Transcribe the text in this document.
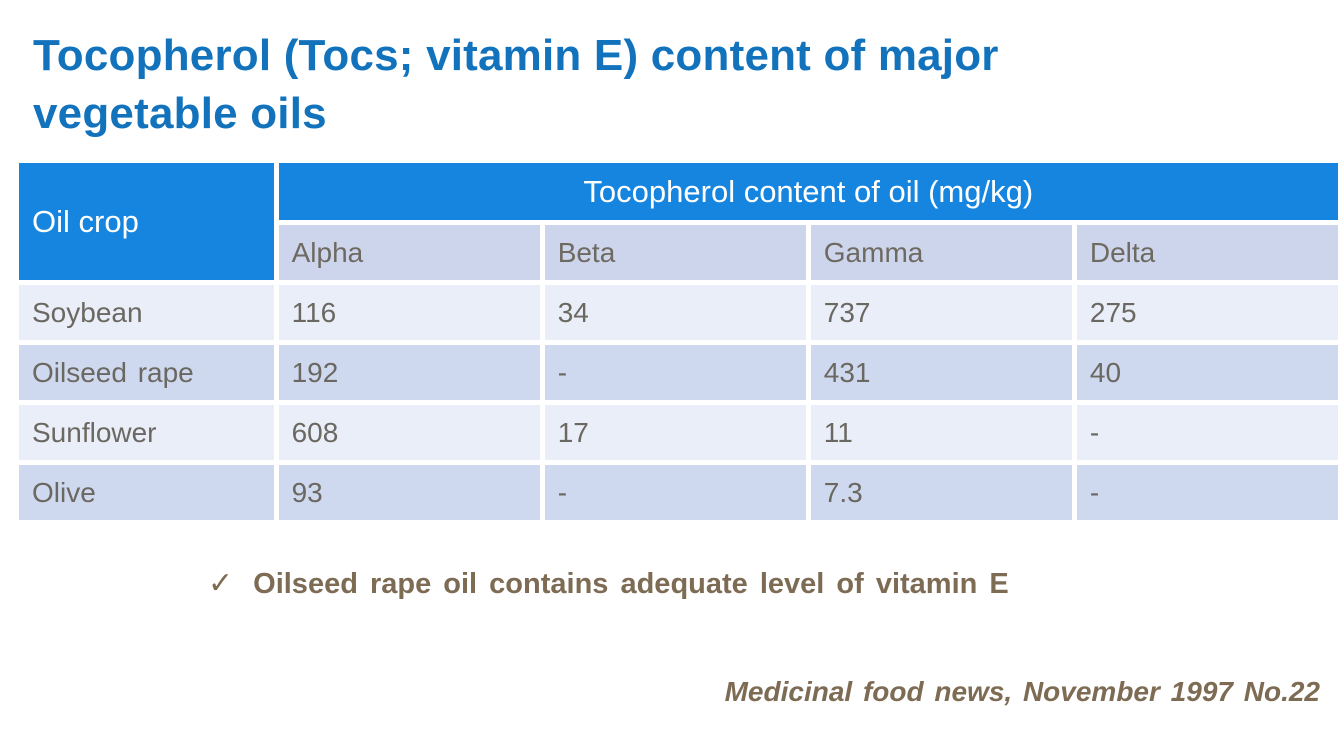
Tocopherol (Tocs; vitamin E) content of major vegetable oils
Oil crop	Tocopherol content of oil (mg/kg)			
	Alpha	Beta	Gamma	Delta
Soybean	116	34	737	275
Oilseed rape	192	-	431	40
Sunflower	608	17	11	-
Olive	93	-	7.3	-
✓ Oilseed rape oil contains adequate level of vitamin E
Medicinal food news, November 1997 No.22
